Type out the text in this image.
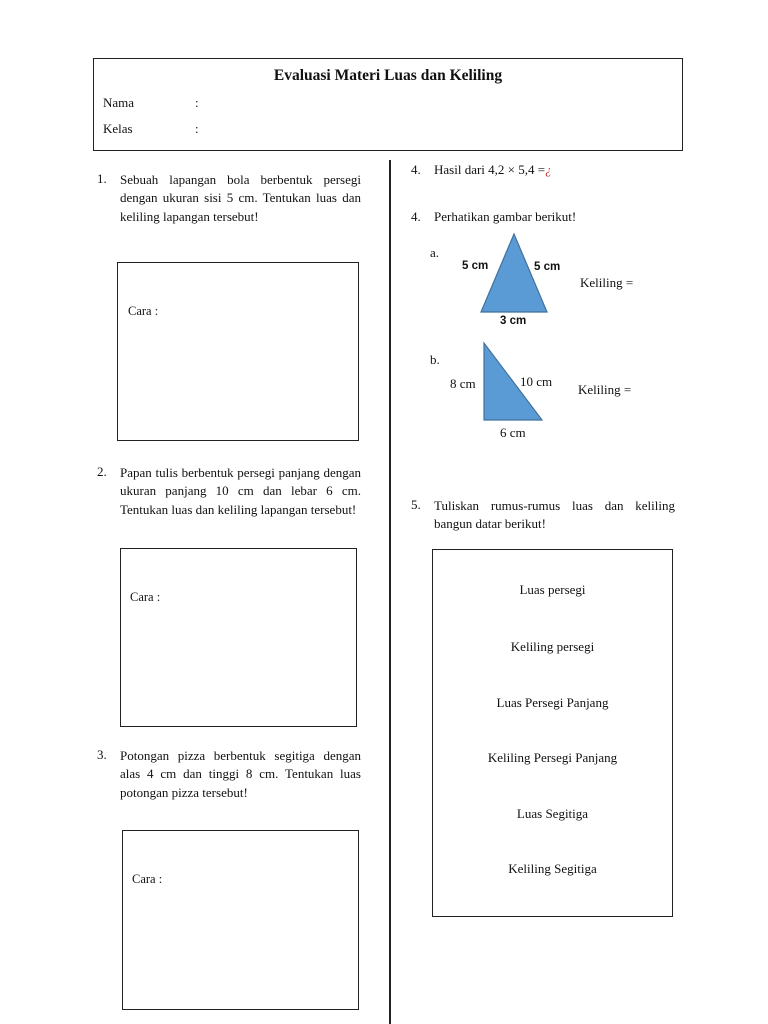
Evaluasi Materi Luas dan Keliling
Nama	:
Kelas	:
1. Sebuah lapangan bola berbentuk persegi dengan ukuran sisi 5 cm. Tentukan luas dan keliling lapangan tersebut!
Cara :
2. Papan tulis berbentuk persegi panjang dengan ukuran panjang 10 cm dan lebar 6 cm. Tentukan luas dan keliling lapangan tersebut!
Cara :
3. Potongan pizza berbentuk segitiga dengan alas 4 cm dan tinggi 8 cm. Tentukan luas potongan pizza tersebut!
Cara :
4. Hasil dari 4,2 × 5,4 =¿
4. Perhatikan gambar berikut!
a.
5 cm	5 cm
3 cm
Keliling =
b.
8 cm	10 cm
6 cm
Keliling =
5. Tuliskan rumus-rumus luas dan keliling bangun datar berikut!
Luas persegi
Keliling persegi
Luas Persegi Panjang
Keliling Persegi Panjang
Luas Segitiga
Keliling Segitiga
